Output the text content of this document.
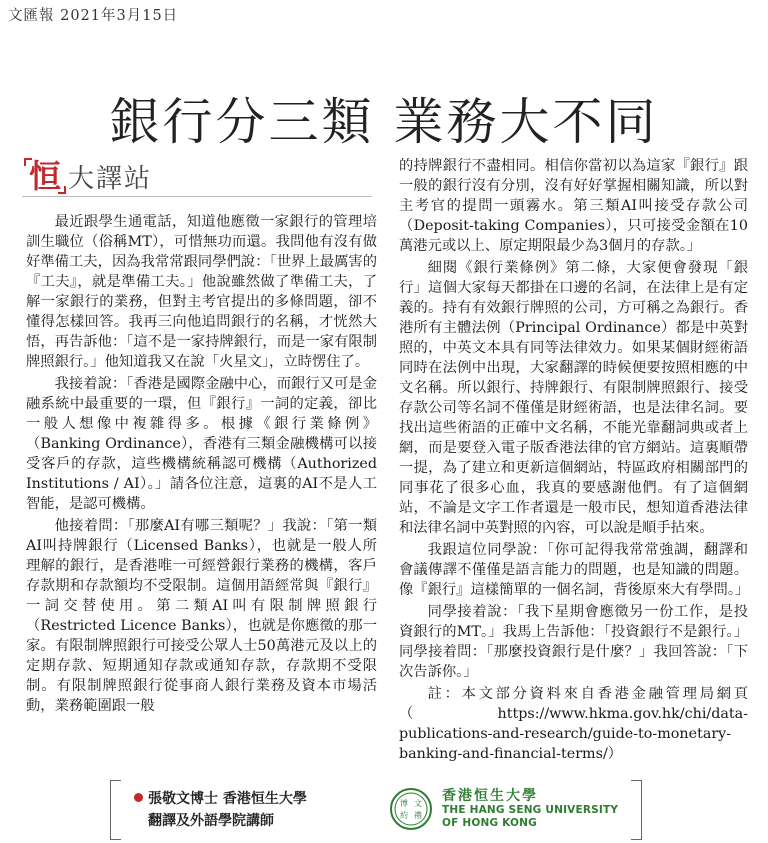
文匯報 2021年3月15日
銀行分三類 業務大不同
恒 大譯站

最近跟學生通電話，知道他應徵一家銀行的管理培訓生職位（俗稱MT），可惜無功而還。我問他有沒有做好準備工夫，因為我常常跟同學們說：「世界上最厲害的『工夫』，就是準備工夫。」他說雖然做了準備工夫，了解一家銀行的業務，但對主考官提出的多條問題，卻不懂得怎樣回答。我再三向他追問銀行的名稱，才恍然大悟，再告訴他：「這不是一家持牌銀行，而是一家有限制牌照銀行。」他知道我又在說「火星文」，立時愣住了。

我接着說：「香港是國際金融中心，而銀行又可是金融系統中最重要的一環，但『銀行』一詞的定義，卻比一般人想像中複雜得多。根據《銀行業條例》（Banking Ordinance），香港有三類金融機構可以接受客戶的存款，這些機構統稱認可機構（Authorized Institutions / AI）。」請各位注意，這裏的AI不是人工智能，是認可機構。

他接着問：「那麼AI有哪三類呢？」我說：「第一類AI叫持牌銀行（Licensed Banks），也就是一般人所理解的銀行，是香港唯一可經營銀行業務的機構，客戶存款期和存款額均不受限制。這個用語經常與『銀行』一詞交替使用。第二類AI叫有限制牌照銀行（Restricted Licence Banks），也就是你應徵的那一家。有限制牌照銀行可接受公眾人士50萬港元及以上的定期存款、短期通知存款或通知存款，存款期不受限制。有限制牌照銀行從事商人銀行業務及資本市場活動，業務範圍跟一般

的持牌銀行不盡相同。相信你當初以為這家『銀行』跟一般的銀行沒有分別，沒有好好掌握相關知識，所以對主考官的提問一頭霧水。第三類AI叫接受存款公司（Deposit-taking Companies），只可接受金額在10萬港元或以上、原定期限最少為3個月的存款。」

細閱《銀行業條例》第二條，大家便會發現「銀行」這個大家每天都掛在口邊的名詞，在法律上是有定義的。持有有效銀行牌照的公司，方可稱之為銀行。香港所有主體法例（Principal Ordinance）都是中英對照的，中英文本具有同等法律效力。如果某個財經術語同時在法例中出現，大家翻譯的時候便要按照相應的中文名稱。所以銀行、持牌銀行、有限制牌照銀行、接受存款公司等名詞不僅僅是財經術語，也是法律名詞。要找出這些術語的正確中文名稱，不能光靠翻詞典或者上網，而是要登入電子版香港法律的官方網站。這裏順帶一提，為了建立和更新這個網站，特區政府相關部門的同事花了很多心血，我真的要感謝他們。有了這個網站，不論是文字工作者還是一般市民，想知道香港法律和法律名詞中英對照的內容，可以說是順手拈來。

我跟這位同學說：「你可記得我常常強調，翻譯和會議傳譯不僅僅是語言能力的問題，也是知識的問題。像『銀行』這樣簡單的一個名詞，背後原來大有學問。」

同學接着說：「我下星期會應徵另一份工作，是投資銀行的MT。」我馬上告訴他：「投資銀行不是銀行。」同學接着問：「那麼投資銀行是什麼？」我回答說：「下次告訴你。」

註：本文部分資料來自香港金融管理局網頁（https://www.hkma.gov.hk/chi/data-publications-and-research/guide-to-monetary-banking-and-financial-terms/）

張敬文博士 香港恒生大學
翻譯及外語學院講師
博 文
約 禮
香港恒生大學
THE HANG SENG UNIVERSITY
OF HONG KONG
